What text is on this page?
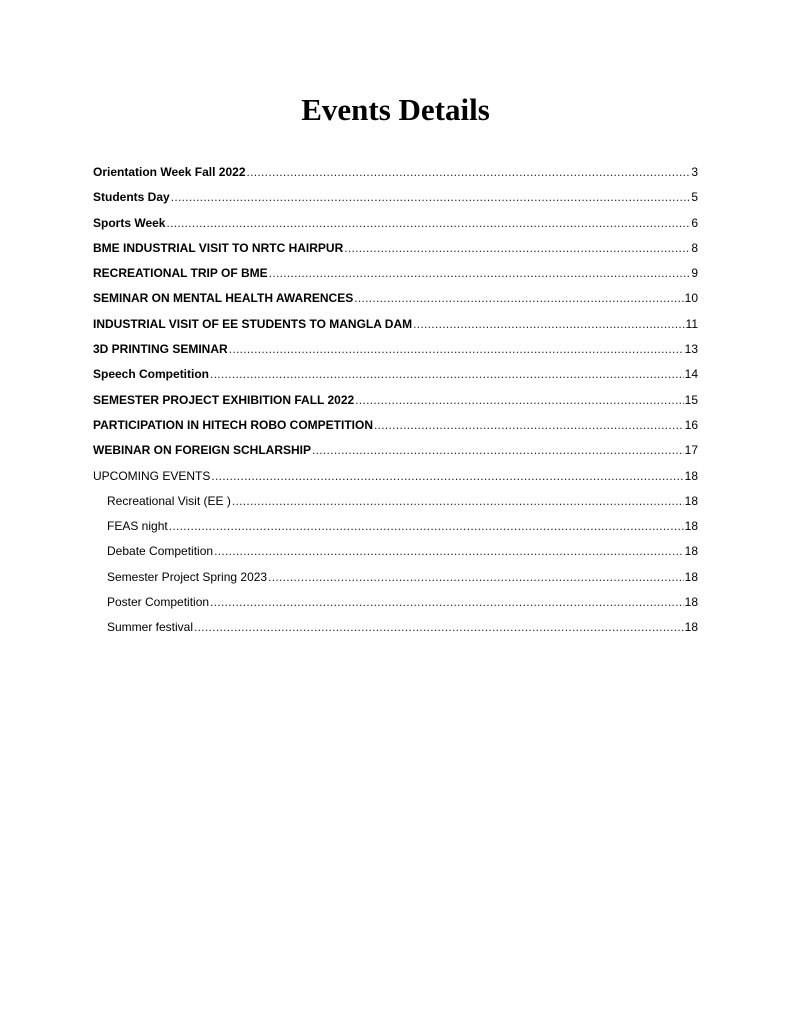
Events Details
Orientation Week Fall 2022 .....	3
Students Day .....	5
Sports Week .....	6
BME INDUSTRIAL VISIT TO NRTC HAIRPUR .....	8
RECREATIONAL TRIP OF BME .....	9
SEMINAR ON MENTAL HEALTH AWARENCES .....	10
INDUSTRIAL VISIT OF EE STUDENTS TO MANGLA DAM .....	11
3D PRINTING SEMINAR .....	13
Speech Competition .....	14
SEMESTER PROJECT EXHIBITION FALL 2022 .....	15
PARTICIPATION IN HITECH ROBO COMPETITION .....	16
WEBINAR ON FOREIGN SCHLARSHIP .....	17
UPCOMING EVENTS .....	18
Recreational Visit (EE ) .....	18
FEAS night .....	18
Debate Competition .....	18
Semester Project Spring 2023 .....	18
Poster Competition .....	18
Summer festival .....	18
